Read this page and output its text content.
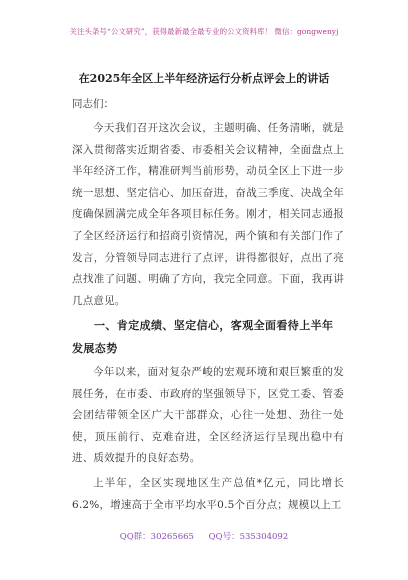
关注头条号“公文研究”，获得最新最全最专业的公文资料库！ 微信：gongwenyj
在2025年全区上半年经济运行分析点评会上的讲话
同志们：
今天我们召开这次会议，主题明确、任务清晰，就是深入贯彻落实近期省委、市委相关会议精神，全面盘点上半年经济工作，精准研判当前形势，动员全区上下进一步统一思想、坚定信心、加压奋进，奋战三季度、决战全年度确保圆满完成全年各项目标任务。刚才，相关同志通报了全区经济运行和招商引资情况，两个镇和有关部门作了发言，分管领导同志进行了点评，讲得都很好，点出了亮点找准了问题、明确了方向，我完全同意。下面，我再讲几点意见。
一、肯定成绩、坚定信心，客观全面看待上半年发展态势
今年以来，面对复杂严峻的宏观环境和艰巨繁重的发展任务，在市委、市政府的坚强领导下，区党工委、管委会团结带领全区广大干部群众，心往一处想、劲往一处使，顶压前行、克难奋进，全区经济运行呈现出稳中有进、质效提升的良好态势。
上半年，全区实现地区生产总值*亿元，同比增长6.2%，增速高于全市平均水平0.5个百分点；规模以上工
QQ群：30265665 QQ号：535304092
